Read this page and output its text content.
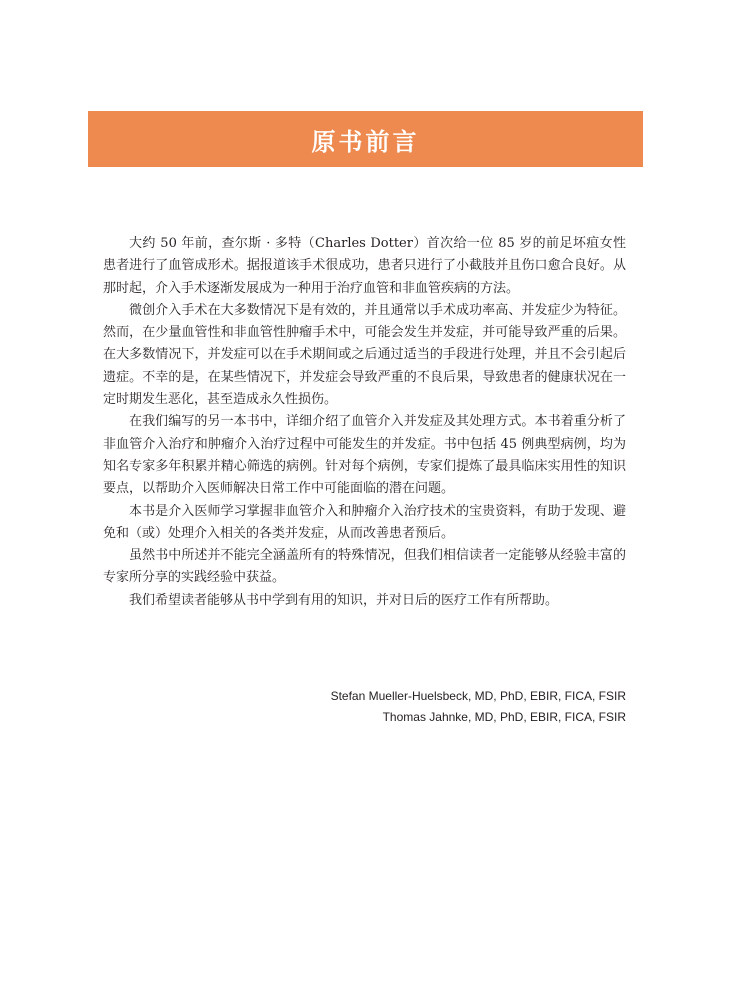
原书前言

大约 50 年前，查尔斯 · 多特（Charles Dotter）首次给一位 85 岁的前足坏疽女性患者进行了血管成形术。据报道该手术很成功，患者只进行了小截肢并且伤口愈合良好。从那时起，介入手术逐渐发展成为一种用于治疗血管和非血管疾病的方法。

微创介入手术在大多数情况下是有效的，并且通常以手术成功率高、并发症少为特征。然而，在少量血管性和非血管性肿瘤手术中，可能会发生并发症，并可能导致严重的后果。在大多数情况下，并发症可以在手术期间或之后通过适当的手段进行处理，并且不会引起后遗症。不幸的是，在某些情况下，并发症会导致严重的不良后果，导致患者的健康状况在一定时期发生恶化，甚至造成永久性损伤。

在我们编写的另一本书中，详细介绍了血管介入并发症及其处理方式。本书着重分析了非血管介入治疗和肿瘤介入治疗过程中可能发生的并发症。书中包括 45 例典型病例，均为知名专家多年积累并精心筛选的病例。针对每个病例，专家们提炼了最具临床实用性的知识要点，以帮助介入医师解决日常工作中可能面临的潜在问题。

本书是介入医师学习掌握非血管介入和肿瘤介入治疗技术的宝贵资料，有助于发现、避免和（或）处理介入相关的各类并发症，从而改善患者预后。

虽然书中所述并不能完全涵盖所有的特殊情况，但我们相信读者一定能够从经验丰富的专家所分享的实践经验中获益。

我们希望读者能够从书中学到有用的知识，并对日后的医疗工作有所帮助。

Stefan Mueller-Huelsbeck, MD, PhD, EBIR, FICA, FSIR
Thomas Jahnke, MD, PhD, EBIR, FICA, FSIR
